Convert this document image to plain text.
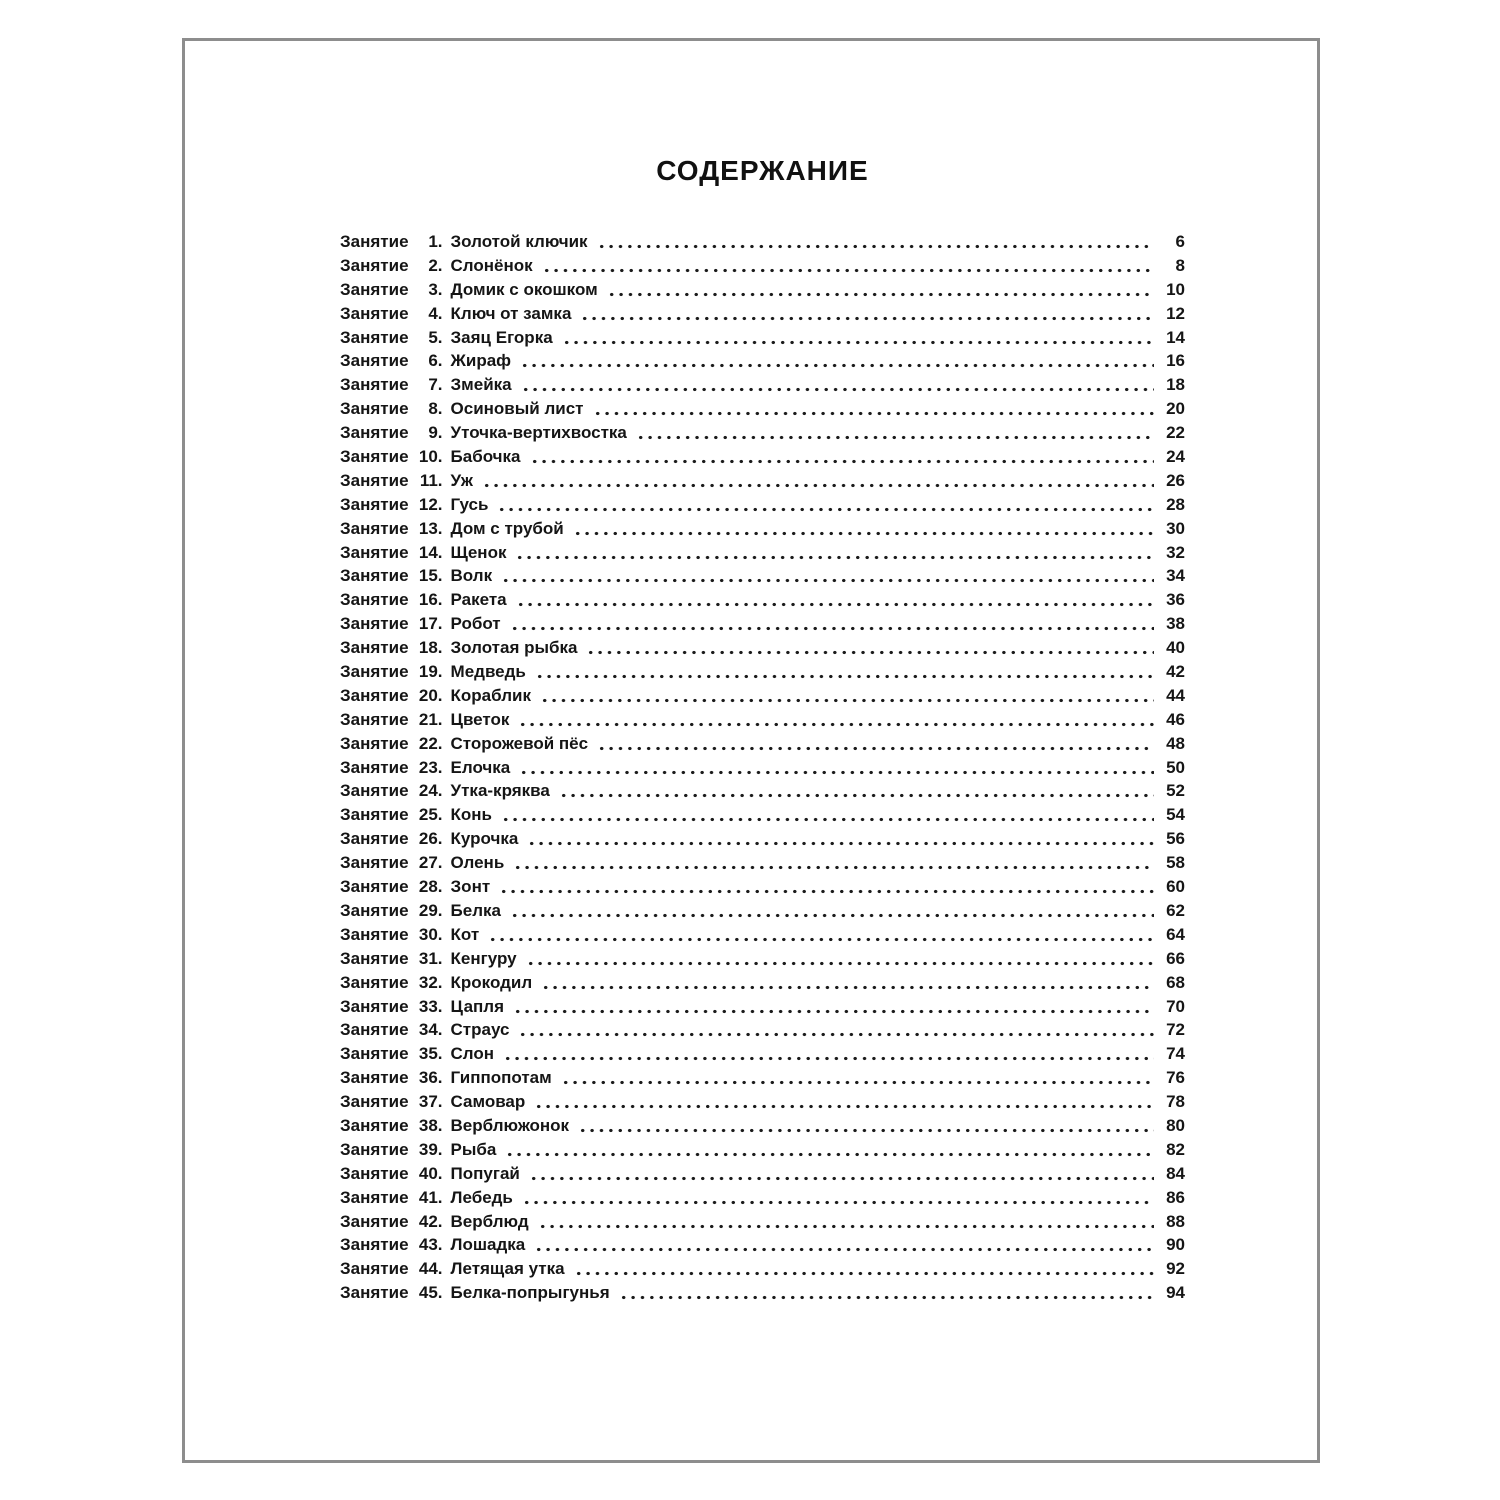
СОДЕРЖАНИЕ
Занятие	1. Золотой ключик	6
Занятие	2. Слонёнок	8
Занятие	3. Домик с окошком	10
Занятие	4. Ключ от замка	12
Занятие	5. Заяц Егорка	14
Занятие	6. Жираф	16
Занятие	7. Змейка	18
Занятие	8. Осиновый лист	20
Занятие	9. Уточка-вертихвостка	22
Занятие 10. Бабочка	24
Занятие 11. Уж	26
Занятие 12. Гусь	28
Занятие 13. Дом с трубой	30
Занятие 14. Щенок	32
Занятие 15. Волк	34
Занятие 16. Ракета	36
Занятие 17. Робот	38
Занятие 18. Золотая рыбка	40
Занятие 19. Медведь	42
Занятие 20. Кораблик	44
Занятие 21. Цветок	46
Занятие 22. Сторожевой пёс	48
Занятие 23. Елочка	50
Занятие 24. Утка-кряква	52
Занятие 25. Конь	54
Занятие 26. Курочка	56
Занятие 27. Олень	58
Занятие 28. Зонт	60
Занятие 29. Белка	62
Занятие 30. Кот	64
Занятие 31. Кенгуру	66
Занятие 32. Крокодил	68
Занятие 33. Цапля	70
Занятие 34. Страус	72
Занятие 35. Слон	74
Занятие 36. Гиппопотам	76
Занятие 37. Самовар	78
Занятие 38. Верблюжонок	80
Занятие 39. Рыба	82
Занятие 40. Попугай	84
Занятие 41. Лебедь	86
Занятие 42. Верблюд	88
Занятие 43. Лошадка	90
Занятие 44. Летящая утка	92
Занятие 45. Белка-попрыгунья	94
